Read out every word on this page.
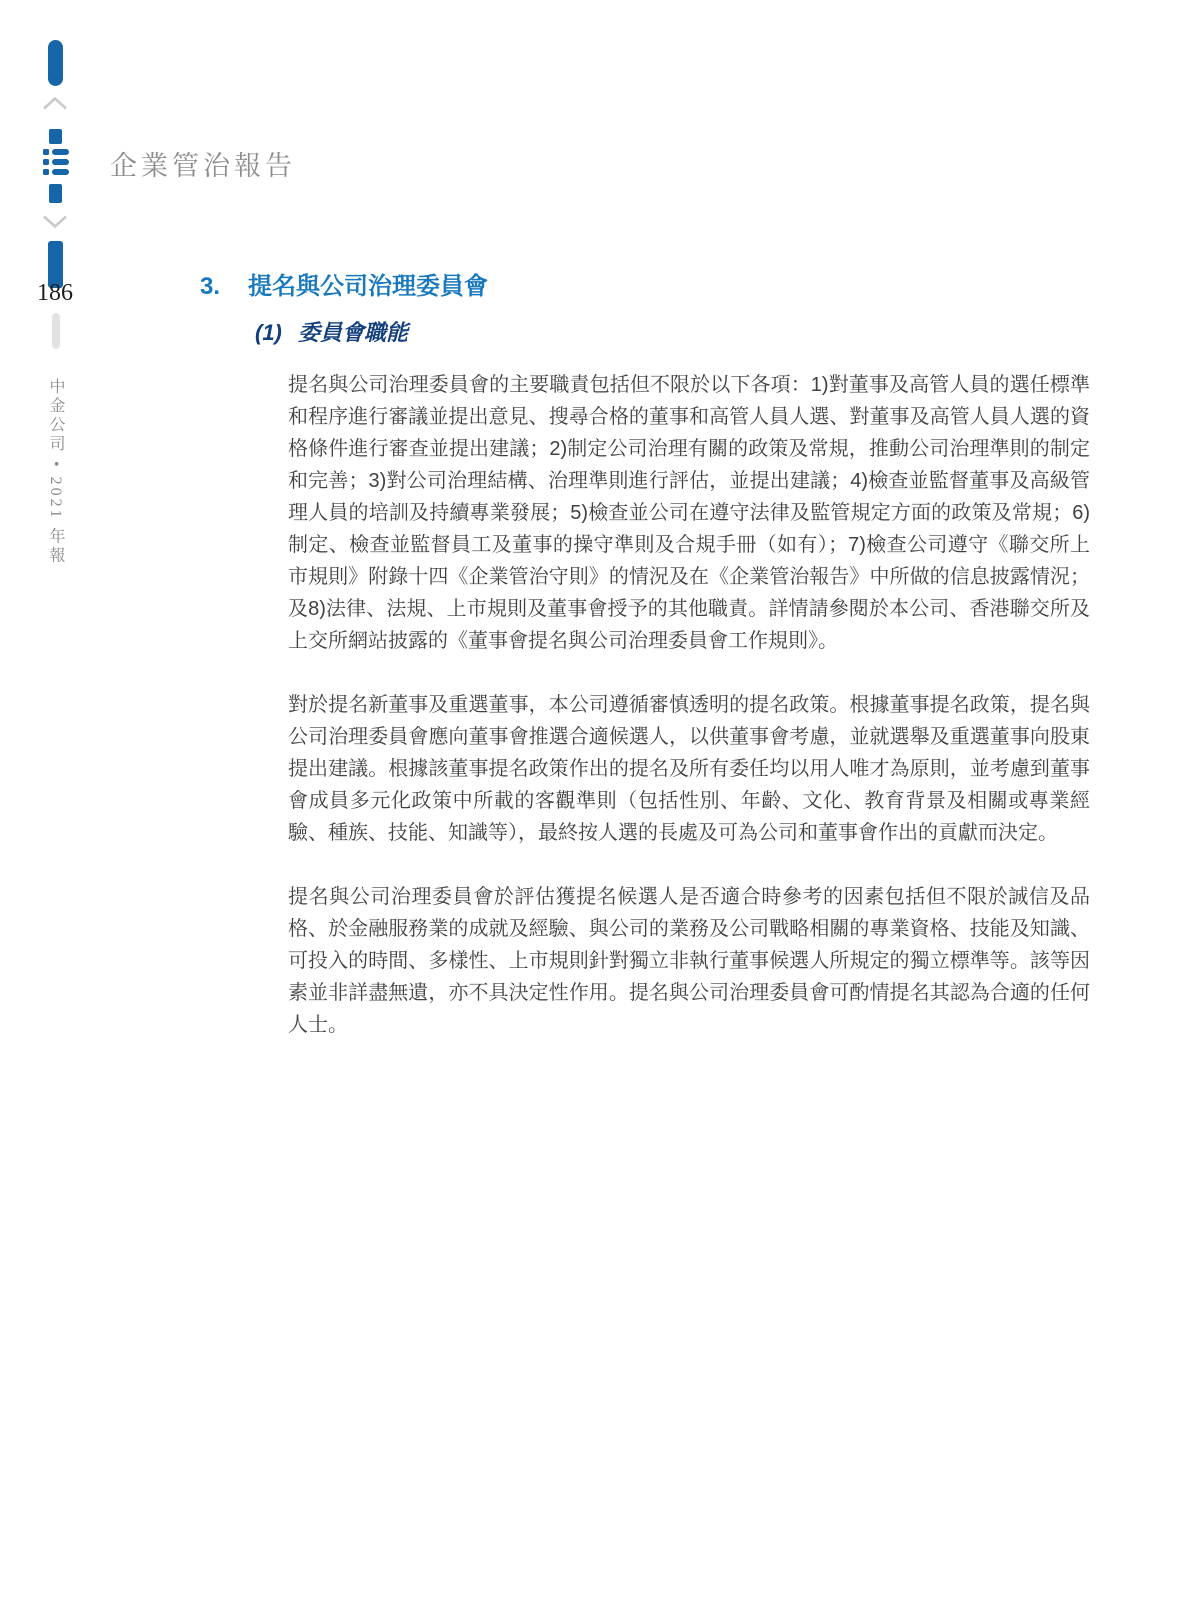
186
中金公司 • 2021 年報
企業管治報告
3.	提名與公司治理委員會
(1) 委員會職能

提名與公司治理委員會的主要職責包括但不限於以下各項：1)對董事及高管人員的選任標準和程序進行審議並提出意見、搜尋合格的董事和高管人員人選、對董事及高管人員人選的資格條件進行審查並提出建議；2)制定公司治理有關的政策及常規，推動公司治理準則的制定和完善；3)對公司治理結構、治理準則進行評估，並提出建議；4)檢查並監督董事及高級管理人員的培訓及持續專業發展；5)檢查並公司在遵守法律及監管規定方面的政策及常規；6)制定、檢查並監督員工及董事的操守準則及合規手冊（如有）；7)檢查公司遵守《聯交所上市規則》附錄十四《企業管治守則》的情況及在《企業管治報告》中所做的信息披露情況；及8)法律、法規、上市規則及董事會授予的其他職責。詳情請參閱於本公司、香港聯交所及上交所網站披露的《董事會提名與公司治理委員會工作規則》。

對於提名新董事及重選董事，本公司遵循審慎透明的提名政策。根據董事提名政策，提名與公司治理委員會應向董事會推選合適候選人，以供董事會考慮，並就選舉及重選董事向股東提出建議。根據該董事提名政策作出的提名及所有委任均以用人唯才為原則，並考慮到董事會成員多元化政策中所載的客觀準則（包括性別、年齡、文化、教育背景及相關或專業經驗、種族、技能、知識等），最終按人選的長處及可為公司和董事會作出的貢獻而決定。

提名與公司治理委員會於評估獲提名候選人是否適合時參考的因素包括但不限於誠信及品格、於金融服務業的成就及經驗、與公司的業務及公司戰略相關的專業資格、技能及知識、可投入的時間、多樣性、上市規則針對獨立非執行董事候選人所規定的獨立標準等。該等因素並非詳盡無遺，亦不具決定性作用。提名與公司治理委員會可酌情提名其認為合適的任何人士。
